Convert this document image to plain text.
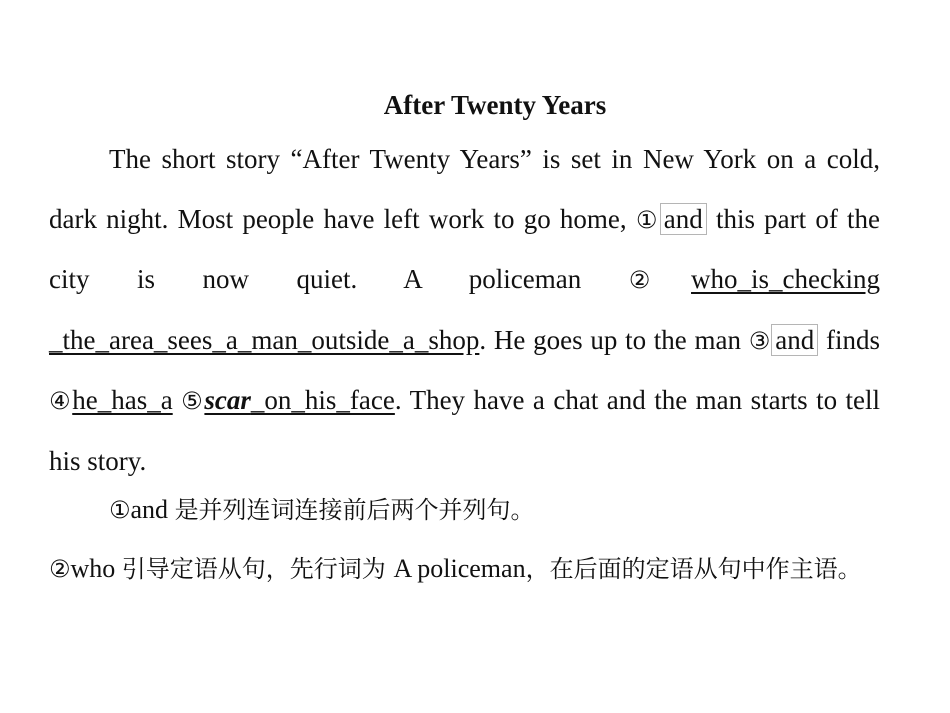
After Twenty Years
The short story “After Twenty Years” is set in New York on a cold, dark night. Most people have left work to go home, ① and this part of the city is now quiet. A policeman ②who_is_checking _the_area_sees_a_man_outside_a_shop. He goes up to the man ③ and finds ④he_has_a ⑤scar_on_his_face. They have a chat and the man starts to tell his story.
①and 是并列连词连接前后两个并列句。
②who 引导定语从句，先行词为 A policeman，在后面的定语从句中作主语。
